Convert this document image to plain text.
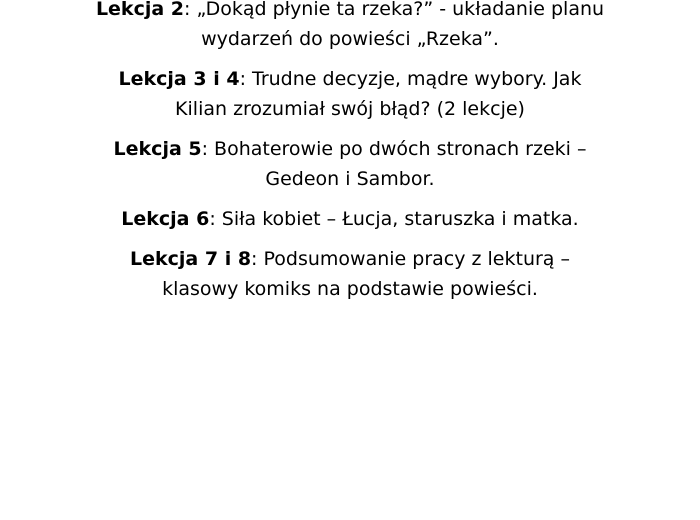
Lekcja 2: „Dokąd płynie ta rzeka?” - układanie planu wydarzeń do powieści „Rzeka”.
Lekcja 3 i 4: Trudne decyzje, mądre wybory. Jak Kilian zrozumiał swój błąd? (2 lekcje)
Lekcja 5: Bohaterowie po dwóch stronach rzeki – Gedeon i Sambor.
Lekcja 6: Siła kobiet – Łucja, staruszka i matka.
Lekcja 7 i 8: Podsumowanie pracy z lekturą – klasowy komiks na podstawie powieści.
